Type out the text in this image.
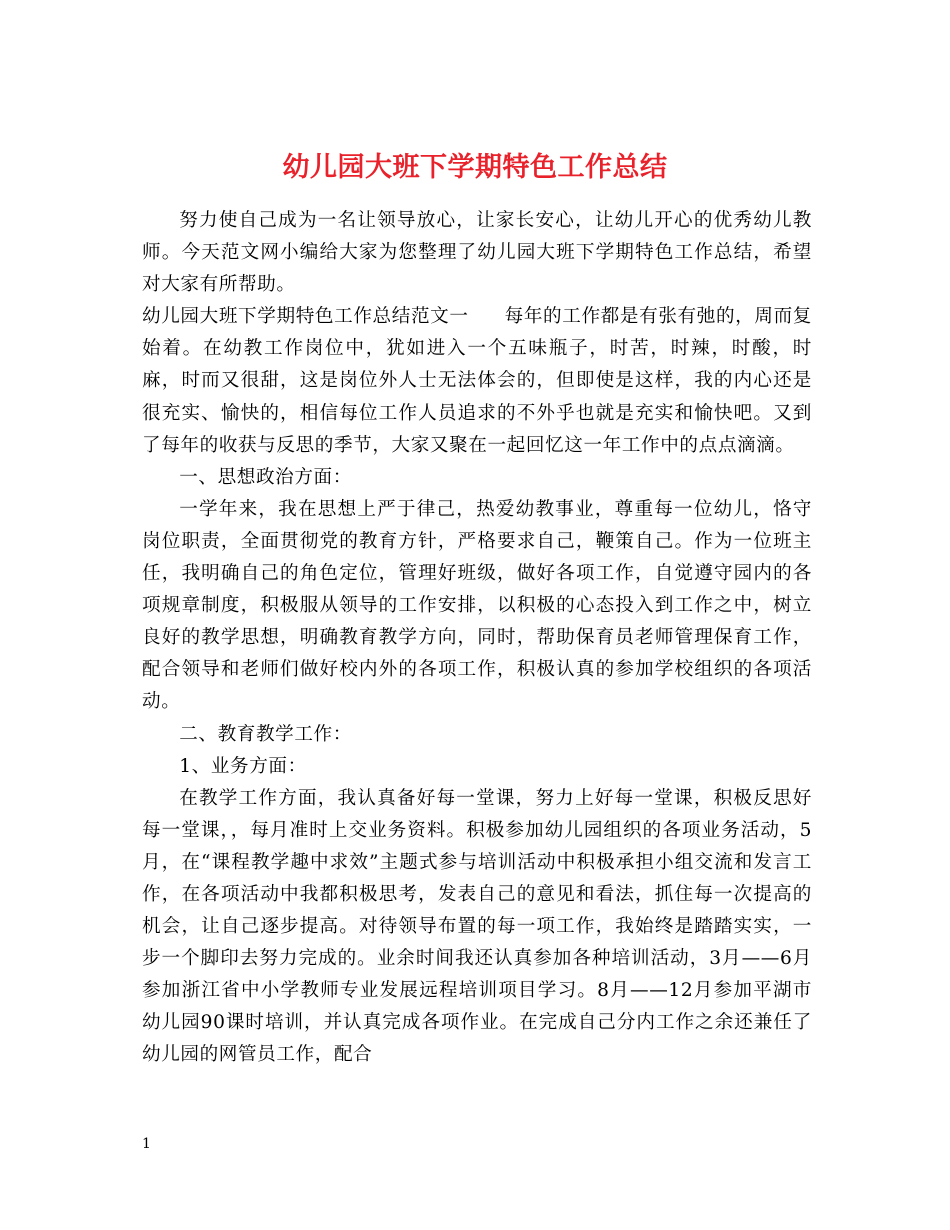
幼儿园大班下学期特色工作总结

努力使自己成为一名让领导放心，让家长安心，让幼儿开心的优秀幼儿教师。今天范文网小编给大家为您整理了幼儿园大班下学期特色工作总结，希望对大家有所帮助。

幼儿园大班下学期特色工作总结范文一 每年的工作都是有张有弛的，周而复始着。在幼教工作岗位中，犹如进入一个五味瓶子，时苦，时辣，时酸，时麻，时而又很甜，这是岗位外人士无法体会的，但即使是这样，我的内心还是很充实、愉快的，相信每位工作人员追求的不外乎也就是充实和愉快吧。又到了每年的收获与反思的季节，大家又聚在一起回忆这一年工作中的点点滴滴。

一、思想政治方面：

一学年来，我在思想上严于律己，热爱幼教事业，尊重每一位幼儿，恪守岗位职责，全面贯彻党的教育方针，严格要求自己，鞭策自己。作为一位班主任，我明确自己的角色定位，管理好班级，做好各项工作，自觉遵守园内的各项规章制度，积极服从领导的工作安排，以积极的心态投入到工作之中，树立良好的教学思想，明确教育教学方向，同时，帮助保育员老师管理保育工作，配合领导和老师们做好校内外的各项工作，积极认真的参加学校组织的各项活动。

二、教育教学工作：

1、业务方面：

在教学工作方面，我认真备好每一堂课，努力上好每一堂课，积极反思好每一堂课，，每月准时上交业务资料。积极参加幼儿园组织的各项业务活动，5月，在“课程教学趣中求效”主题式参与培训活动中积极承担小组交流和发言工作，在各项活动中我都积极思考，发表自己的意见和看法，抓住每一次提高的机会，让自己逐步提高。对待领导布置的每一项工作，我始终是踏踏实实，一步一个脚印去努力完成的。业余时间我还认真参加各种培训活动，3月——6月参加浙江省中小学教师专业发展远程培训项目学习。8月——12月参加平湖市幼儿园90课时培训，并认真完成各项作业。在完成自己分内工作之余还兼任了幼儿园的网管员工作，配合

1
